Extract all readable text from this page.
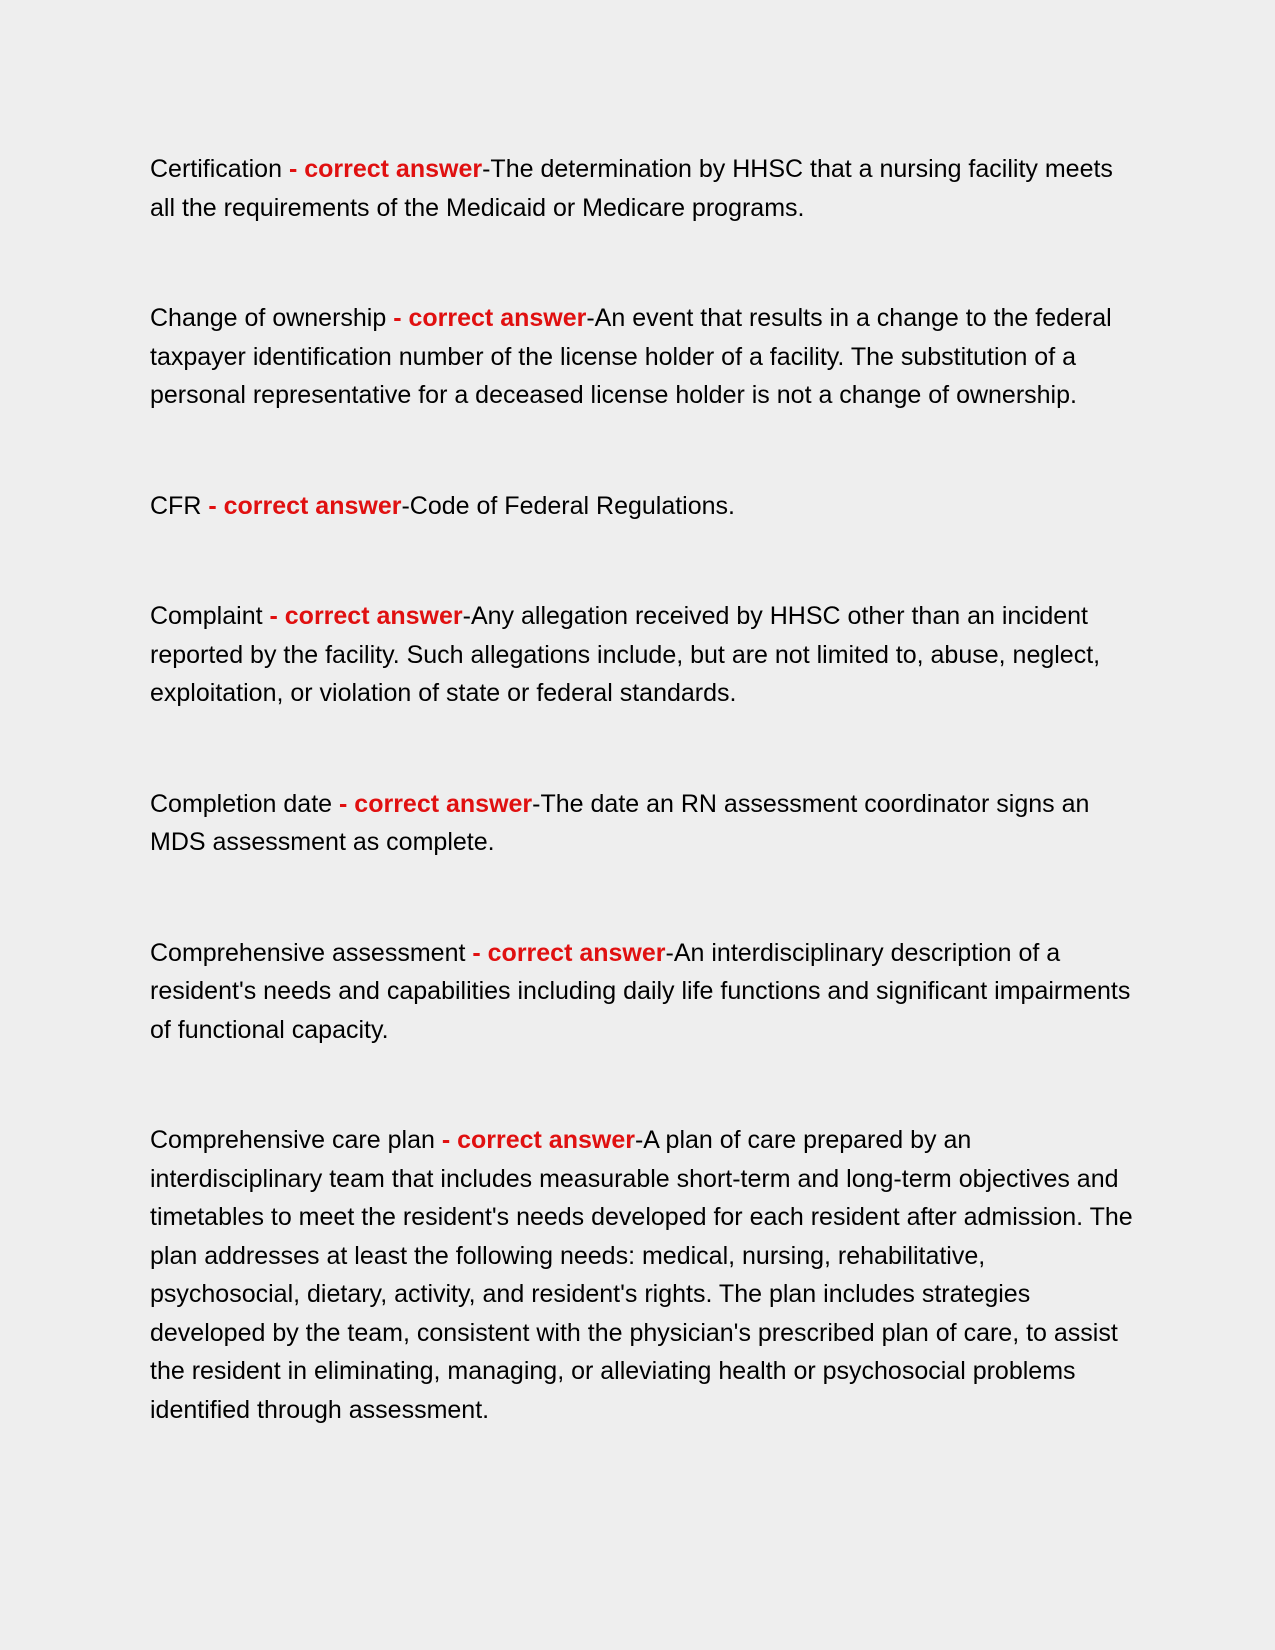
Certification - correct answer-The determination by HHSC that a nursing facility meets all the requirements of the Medicaid or Medicare programs.

Change of ownership - correct answer-An event that results in a change to the federal taxpayer identification number of the license holder of a facility. The substitution of a personal representative for a deceased license holder is not a change of ownership.

CFR - correct answer-Code of Federal Regulations.

Complaint - correct answer-Any allegation received by HHSC other than an incident reported by the facility. Such allegations include, but are not limited to, abuse, neglect, exploitation, or violation of state or federal standards.

Completion date - correct answer-The date an RN assessment coordinator signs an MDS assessment as complete.

Comprehensive assessment - correct answer-An interdisciplinary description of a resident's needs and capabilities including daily life functions and significant impairments of functional capacity.

Comprehensive care plan - correct answer-A plan of care prepared by an interdisciplinary team that includes measurable short-term and long-term objectives and timetables to meet the resident's needs developed for each resident after admission. The plan addresses at least the following needs: medical, nursing, rehabilitative, psychosocial, dietary, activity, and resident's rights. The plan includes strategies developed by the team, consistent with the physician's prescribed plan of care, to assist the resident in eliminating, managing, or alleviating health or psychosocial problems identified through assessment.
